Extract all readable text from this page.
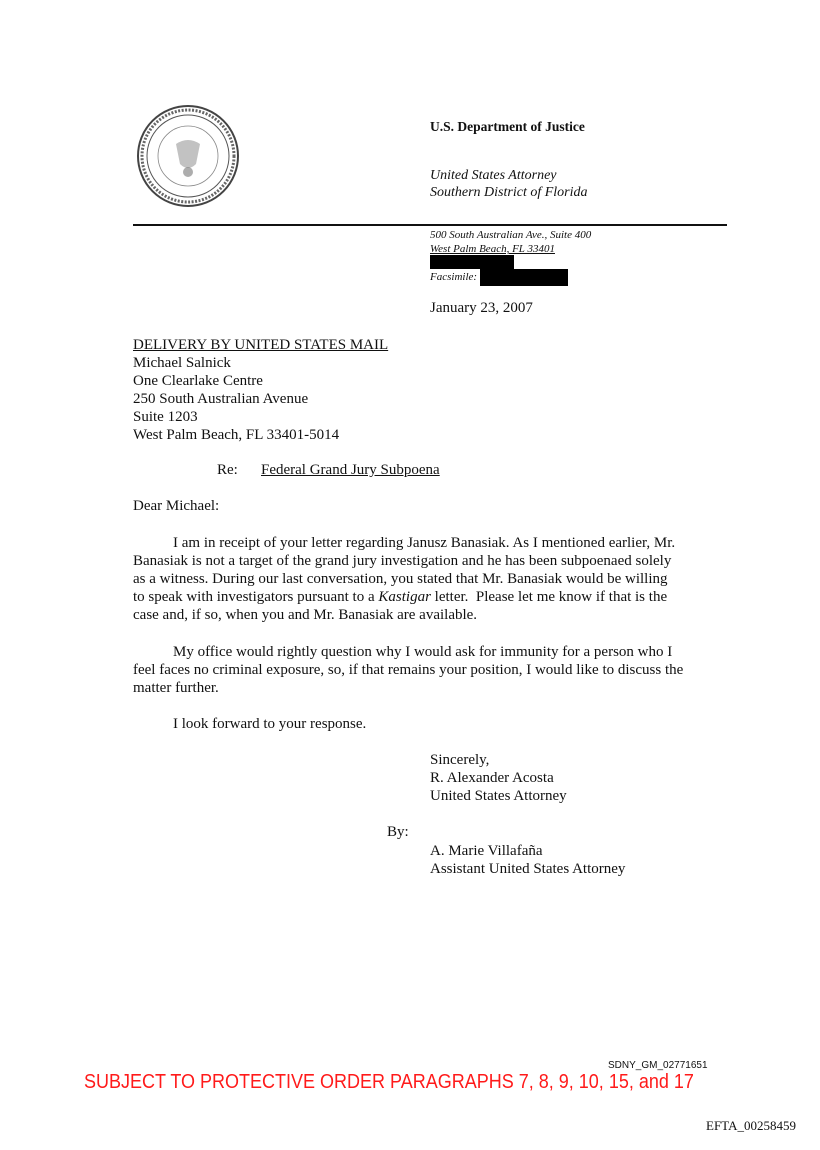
U.S. Department of Justice
United States Attorney
Southern District of Florida
500 South Australian Ave., Suite 400
West Palm Beach, FL 33401
Facsimile:
January 23, 2007
DELIVERY BY UNITED STATES MAIL
Michael Salnick
One Clearlake Centre
250 South Australian Avenue
Suite 1203
West Palm Beach, FL 33401-5014
Re: Federal Grand Jury Subpoena
Dear Michael:
I am in receipt of your letter regarding Janusz Banasiak. As I mentioned earlier, Mr.
Banasiak is not a target of the grand jury investigation and he has been subpoenaed solely
as a witness. During our last conversation, you stated that Mr. Banasiak would be willing
to speak with investigators pursuant to a Kastigar letter.  Please let me know if that is the
case and, if so, when you and Mr. Banasiak are available.
My office would rightly question why I would ask for immunity for a person who I
feel faces no criminal exposure, so, if that remains your position, I would like to discuss the
matter further.
I look forward to your response.
Sincerely,
R. Alexander Acosta
United States Attorney
By:
A. Marie Villafaña
Assistant United States Attorney
SDNY_GM_02771651
SUBJECT TO PROTECTIVE ORDER PARAGRAPHS 7, 8, 9, 10, 15, and 17
EFTA_00258459
